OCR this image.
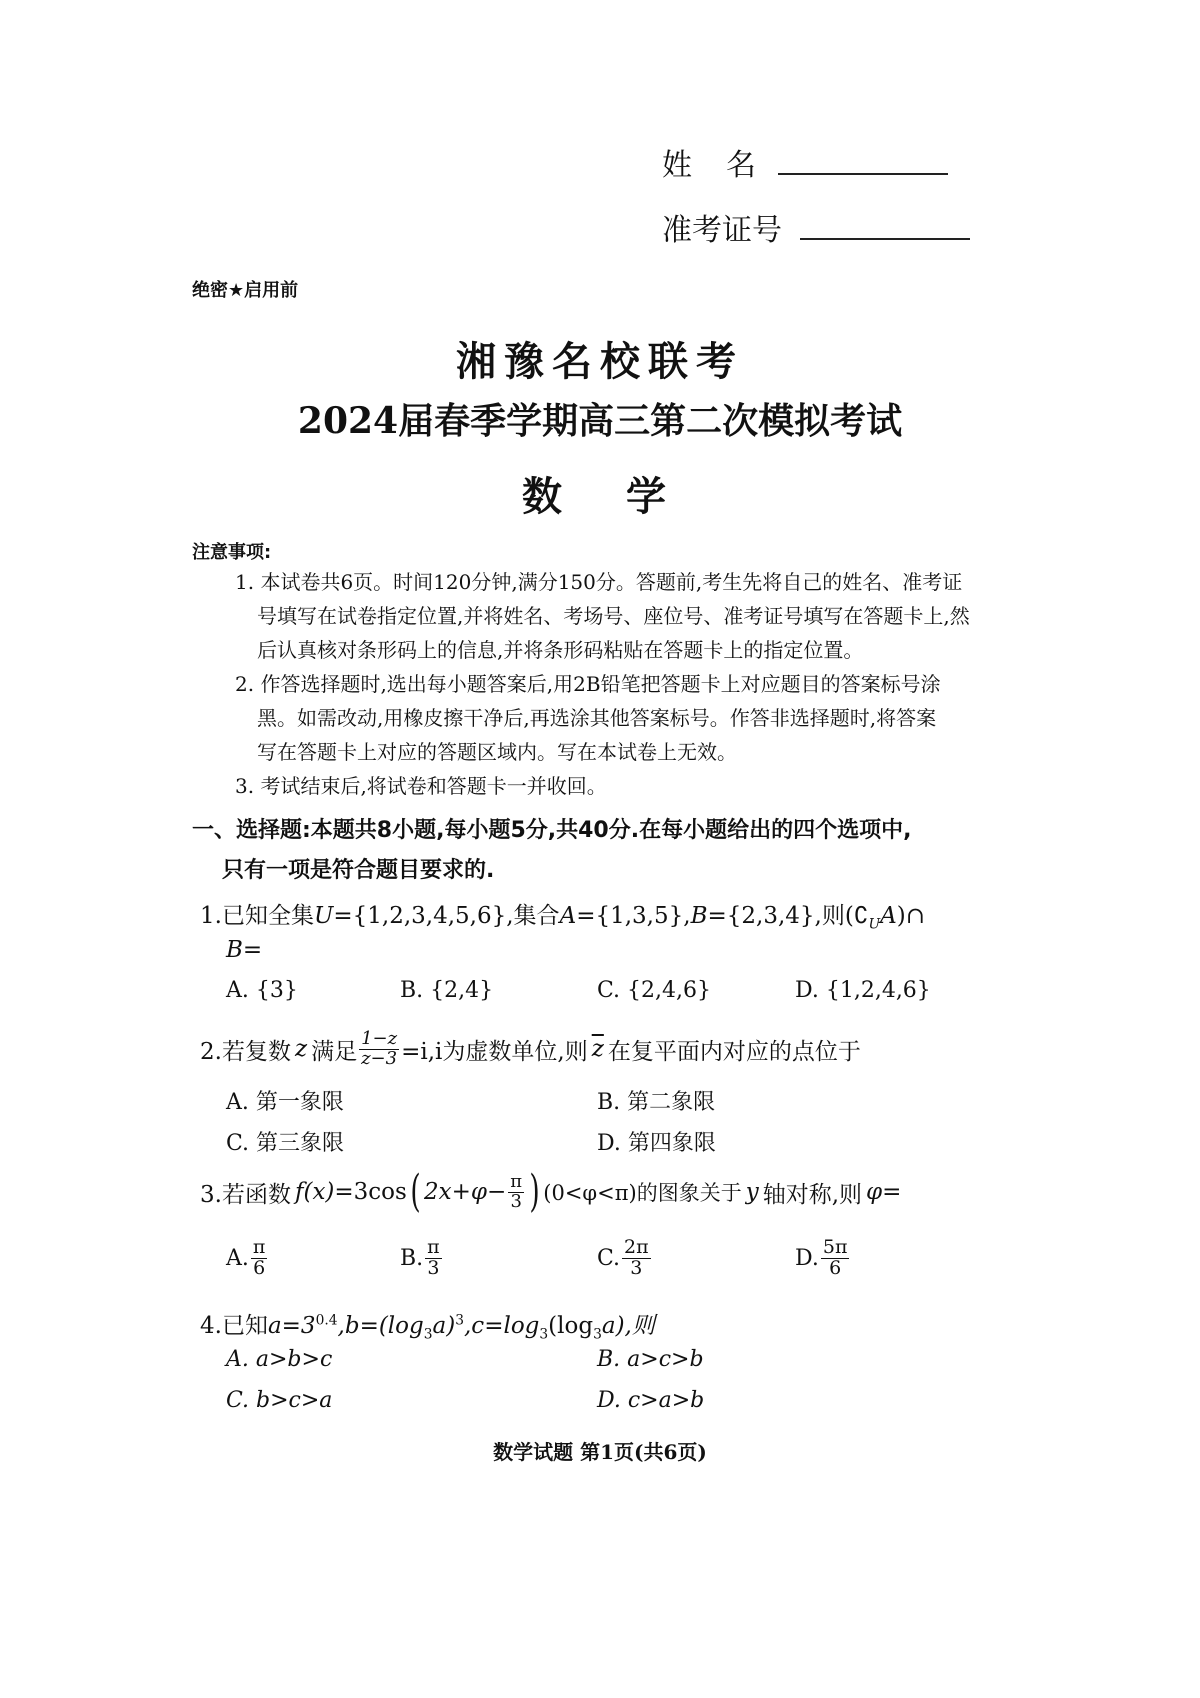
姓　名
准考证号
绝密★启用前
湘豫名校联考
2024届春季学期高三第二次模拟考试
数　学
注意事项:
1. 本试卷共6页。时间120分钟,满分150分。答题前,考生先将自己的姓名、准考证
号填写在试卷指定位置,并将姓名、考场号、座位号、准考证号填写在答题卡上,然
后认真核对条形码上的信息,并将条形码粘贴在答题卡上的指定位置。
2. 作答选择题时,选出每小题答案后,用2B铅笔把答题卡上对应题目的答案标号涂
黑。如需改动,用橡皮擦干净后,再选涂其他答案标号。作答非选择题时,将答案
写在答题卡上对应的答题区域内。写在本试卷上无效。
3. 考试结束后,将试卷和答题卡一并收回。
一、选择题:本题共8小题,每小题5分,共40分.在每小题给出的四个选项中,
只有一项是符合题目要求的.
1.已知全集U={1,2,3,4,5,6},集合A={1,3,5},B={2,3,4},则$(∁_UA)\cap$
B=
A. {3}	B. {2,4}	C. {2,4,6}	D. {1,2,4,6}
2.若复数 z 满足 $\frac{1-z}{z-3} =i,i$为虚数单位,则 $\overline{z}$ 在复平面内对应的点位于
A. 第一象限	B. 第二象限
C. 第三象限	D. 第四象限
3.若函数 f(x) =3cos ( $2x+\varphi- \frac{\pi}{3}$ ) (0<φ<π)的图象关于 y 轴对称,则 φ=
A. $\frac{\pi}{6}$	B. $\frac{\pi}{3}$	C. $\frac{2\pi}{3}$	D. $\frac{5\pi}{6}$
4.已知$a=3^{0.4},b=(\log_3a)^3,c=\log_3(\log_3a)$,则
A. a>b>c	B. a>c>b
C. b>c>a	D. c>a>b
数学试题 第1页(共6页)
